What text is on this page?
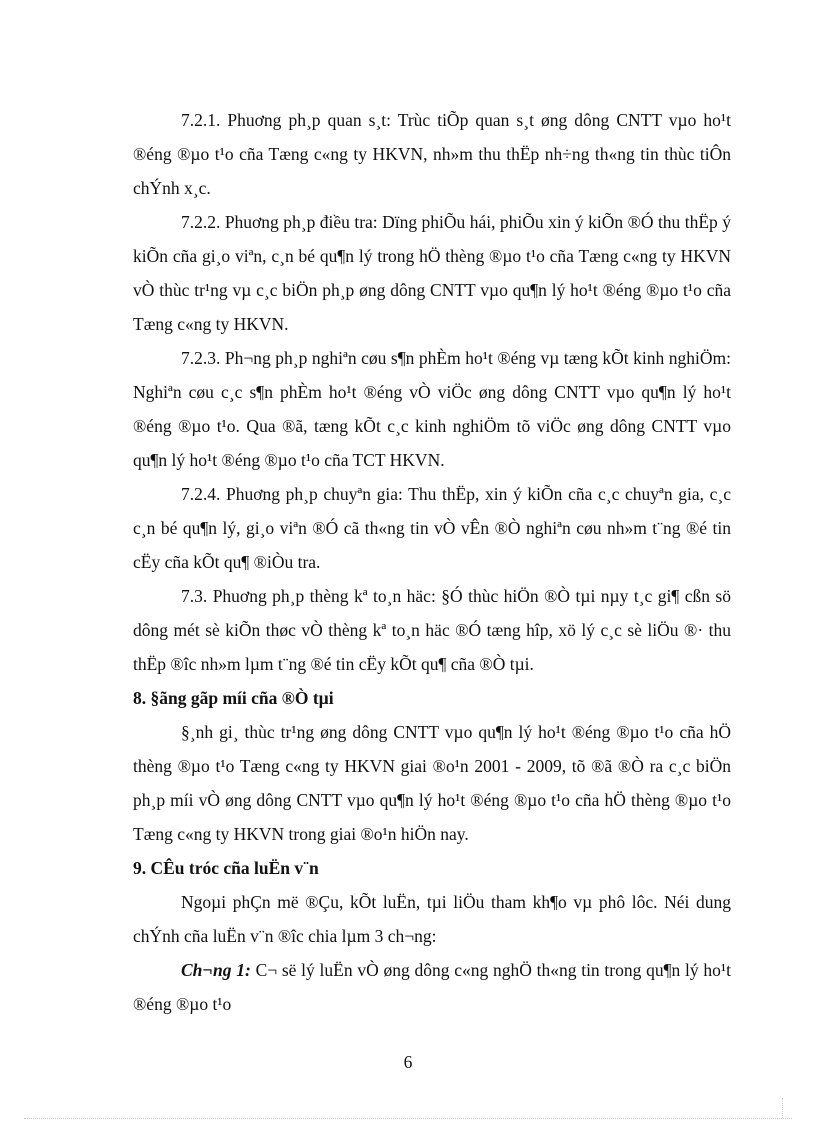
7.2.1. Phuơng ph¸p quan s¸t: Trùc tiÕp quan s¸t øng dông CNTT vµo ho¹t ®éng ®µo t¹o cña Tæng c«ng ty HKVN, nh»m thu thËp nh÷ng th«ng tin thùc tiÔn chÝnh x¸c.

7.2.2. Phuơng ph¸p điều tra: Dïng phiÕu hái, phiÕu xin ý kiÕn ®Ó thu thËp ý kiÕn cña gi¸o viªn, c¸n bé qu¶n lý trong hÖ thèng ®µo t¹o cña Tæng c«ng ty HKVN vÒ thùc tr¹ng vµ c¸c biÖn ph¸p øng dông CNTT vµo qu¶n lý ho¹t ®éng ®µo t¹o cña Tæng c«ng ty HKVN.

7.2.3. Ph¬ng ph¸p nghiªn cøu s¶n phÈm ho¹t ®éng vµ tæng kÕt kinh nghiÖm: Nghiªn cøu c¸c s¶n phÈm ho¹t ®éng vÒ viÖc øng dông CNTT vµo qu¶n lý ho¹t ®éng ®µo t¹o. Qua ®ã, tæng kÕt c¸c kinh nghiÖm tõ viÖc øng dông CNTT vµo qu¶n lý ho¹t ®éng ®µo t¹o cña TCT HKVN.

7.2.4. Phuơng ph¸p chuyªn gia: Thu thËp, xin ý kiÕn cña c¸c chuyªn gia, c¸c c¸n bé qu¶n lý, gi¸o viªn ®Ó cã th«ng tin vÒ vÊn ®Ò nghiªn cøu nh»m t¨ng ®é tin cËy cña kÕt qu¶ ®iÒu tra.

7.3. Phuơng ph¸p thèng kª to¸n häc: §Ó thùc hiÖn ®Ò tµi nµy t¸c gi¶ cßn sö dông mét sè kiÕn thøc vÒ thèng kª to¸n häc ®Ó tæng hîp, xö lý c¸c sè liÖu ®· thu thËp ®îc nh»m lµm t¨ng ®é tin cËy kÕt qu¶ cña ®Ò tµi.

8. §ãng gãp míi cña ®Ò tµi

§¸nh gi¸ thùc tr¹ng øng dông CNTT vµo qu¶n lý ho¹t ®éng ®µo t¹o cña hÖ thèng ®µo t¹o Tæng c«ng ty HKVN giai ®o¹n 2001 - 2009, tõ ®ã ®Ò ra c¸c biÖn ph¸p míi vÒ øng dông CNTT vµo qu¶n lý ho¹t ®éng ®µo t¹o cña hÖ thèng ®µo t¹o Tæng c«ng ty HKVN trong giai ®o¹n hiÖn nay.

9. CÊu tróc cña luËn v¨n

Ngoµi phÇn më ®Çu, kÕt luËn, tµi liÖu tham kh¶o vµ phô lôc. Néi dung chÝnh cña luËn v¨n ®îc chia lµm 3 ch¬ng:

Ch¬ng 1: C¬ së lý luËn vÒ øng dông c«ng nghÖ th«ng tin trong qu¶n lý ho¹t ®éng ®µo t¹o

6
